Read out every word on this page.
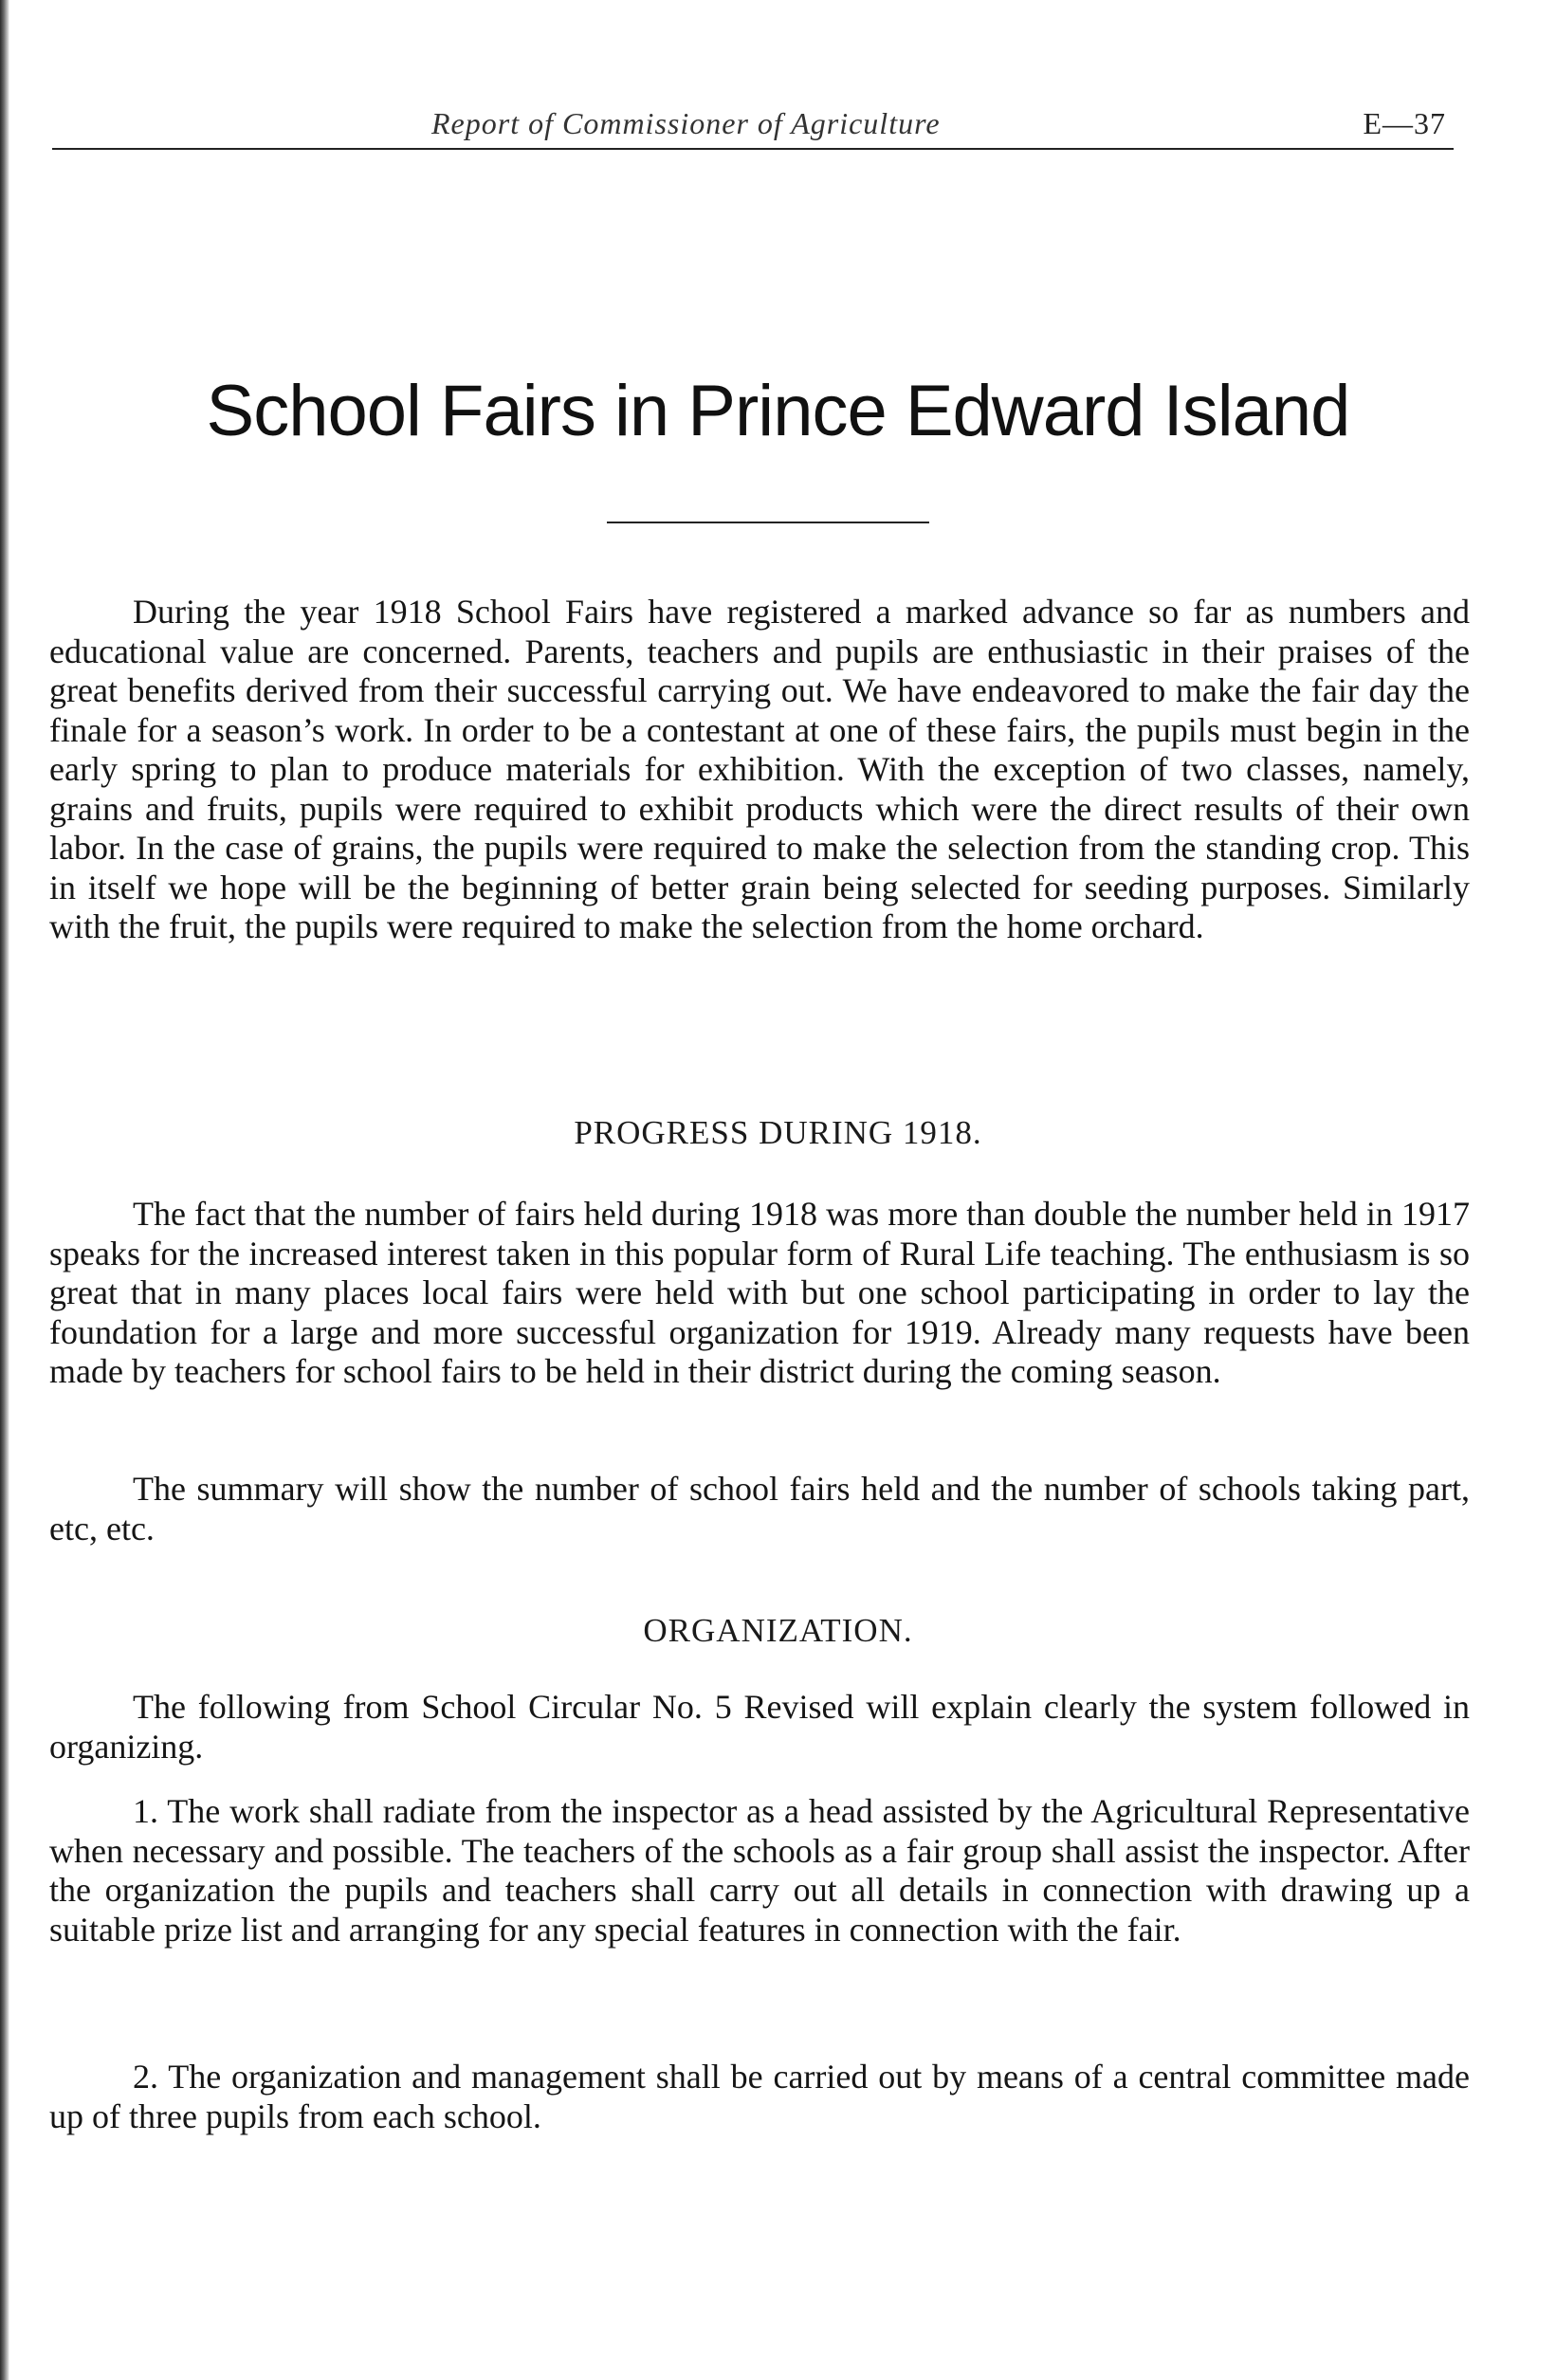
Report of Commissioner of Agriculture	E—37
School Fairs in Prince Edward Island

During the year 1918 School Fairs have registered a marked advance so far as numbers and educational value are concerned. Parents, teachers and pupils are enthusiastic in their praises of the great benefits derived from their successful carrying out. We have endeavored to make the fair day the finale for a season’s work. In order to be a contestant at one of these fairs, the pupils must begin in the early spring to plan to produce materials for exhibition. With the exception of two classes, namely, grains and fruits, pupils were required to exhibit products which were the direct results of their own labor. In the case of grains, the pupils were required to make the selection from the standing crop. This in itself we hope will be the beginning of better grain being selected for seeding purposes. Similarly with the fruit, the pupils were required to make the selection from the home orchard.

PROGRESS DURING 1918.

The fact that the number of fairs held during 1918 was more than double the number held in 1917 speaks for the increased interest taken in this popular form of Rural Life teaching. The enthusiasm is so great that in many places local fairs were held with but one school participating in order to lay the foundation for a large and more successful organization for 1919. Already many requests have been made by teachers for school fairs to be held in their district during the coming season.

The summary will show the number of school fairs held and the number of schools taking part, etc, etc.

ORGANIZATION.

The following from School Circular No. 5 Revised will explain clearly the system followed in organizing.

1. The work shall radiate from the inspector as a head assisted by the Agricultural Representative when necessary and possible. The teachers of the schools as a fair group shall assist the inspector. After the organization the pupils and teachers shall carry out all details in connection with drawing up a suitable prize list and arranging for any special features in connection with the fair.

2. The organization and management shall be carried out by means of a central committee made up of three pupils from each school.
